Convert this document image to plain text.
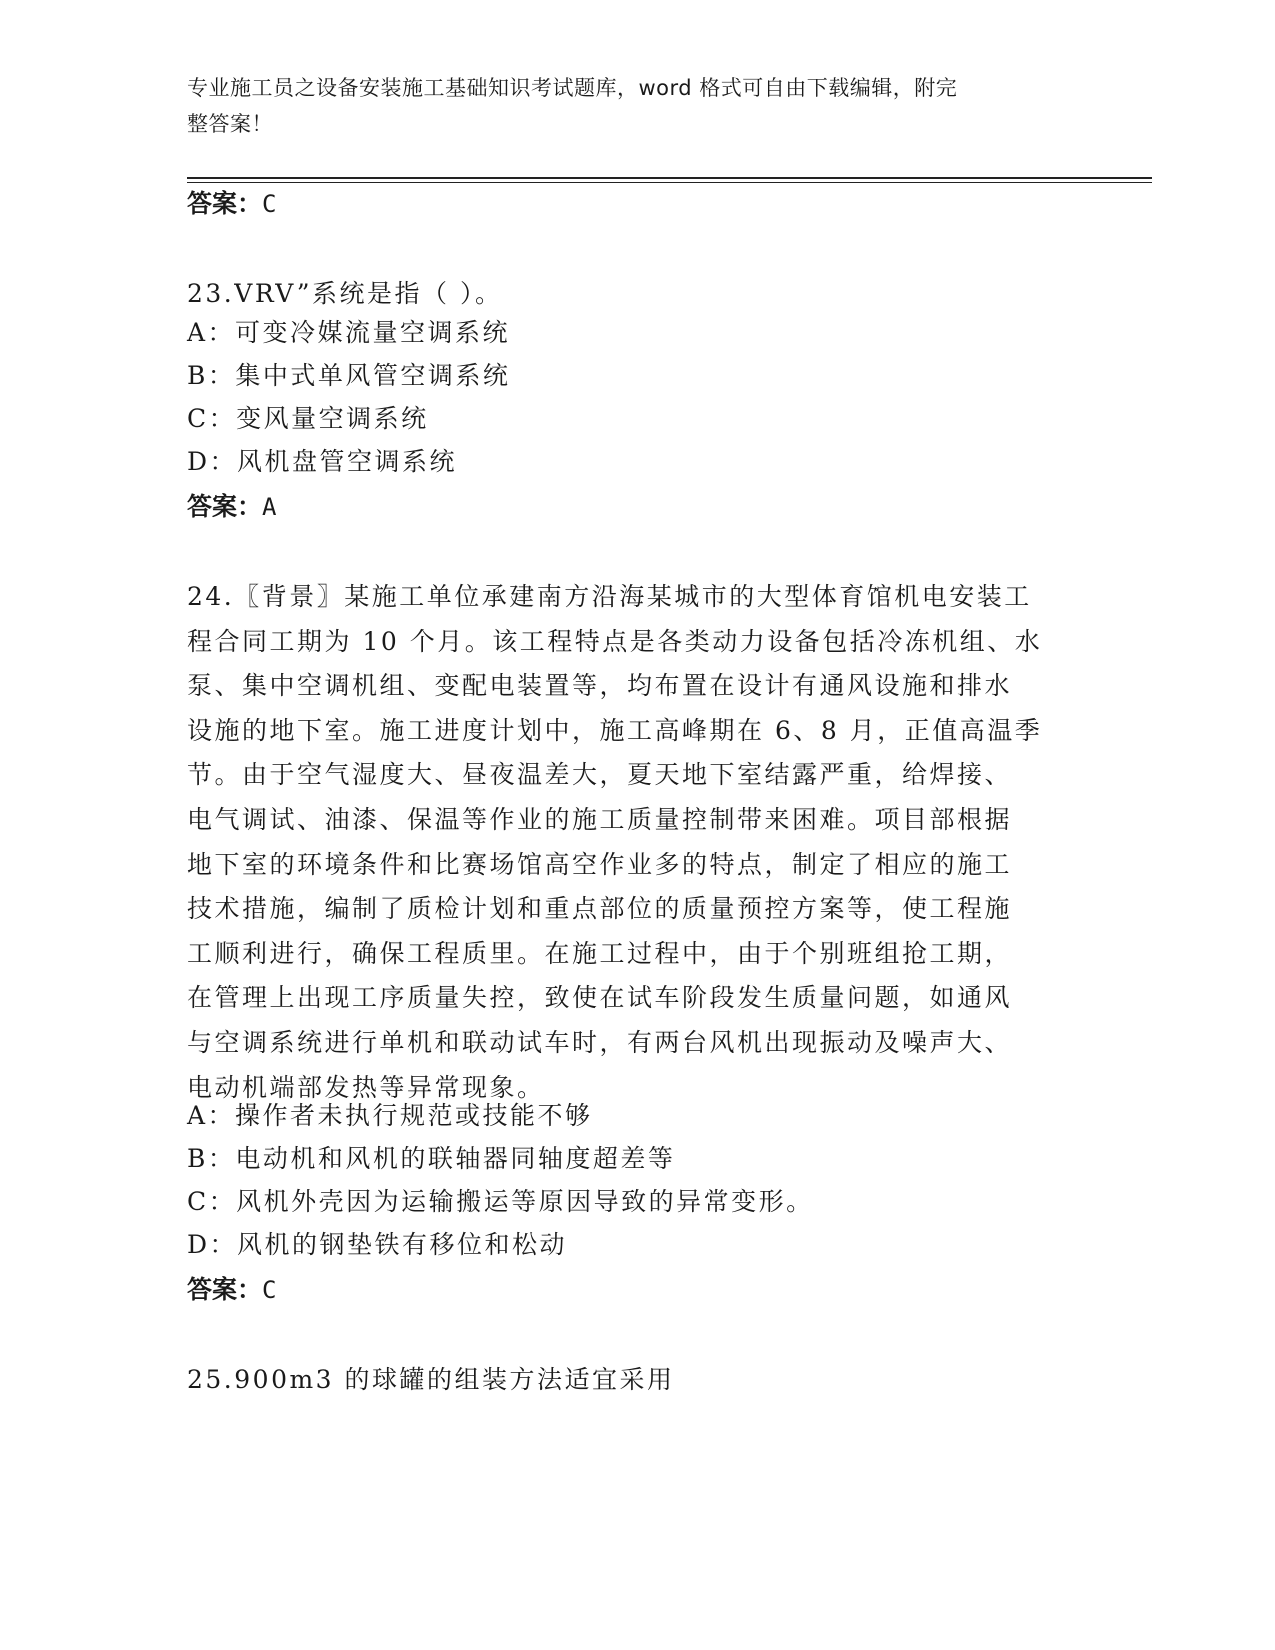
专业施工员之设备安装施工基础知识考试题库，word 格式可自由下载编辑，附完
整答案！
答案：C
23.VRV”系统是指（ ）。
A：可变冷媒流量空调系统
B：集中式单风管空调系统
C：变风量空调系统
D：风机盘管空调系统
答案：A
24.〖背景〗某施工单位承建南方沿海某城市的大型体育馆机电安装工
程合同工期为 10 个月。该工程特点是各类动力设备包括冷冻机组、水
泵、集中空调机组、变配电装置等，均布置在设计有通风设施和排水
设施的地下室。施工进度计划中，施工高峰期在 6、8 月，正值高温季
节。由于空气湿度大、昼夜温差大，夏天地下室结露严重，给焊接、
电气调试、油漆、保温等作业的施工质量控制带来困难。项目部根据
地下室的环境条件和比赛场馆高空作业多的特点，制定了相应的施工
技术措施，编制了质检计划和重点部位的质量预控方案等，使工程施
工顺利进行，确保工程质里。在施工过程中，由于个别班组抢工期，
在管理上出现工序质量失控，致使在试车阶段发生质量问题，如通风
与空调系统进行单机和联动试车时，有两台风机出现振动及噪声大、
电动机端部发热等异常现象。
A：操作者未执行规范或技能不够
B：电动机和风机的联轴器同轴度超差等
C：风机外壳因为运输搬运等原因导致的异常变形。
D：风机的钢垫铁有移位和松动
答案：C
25.900m3 的球罐的组装方法适宜采用
